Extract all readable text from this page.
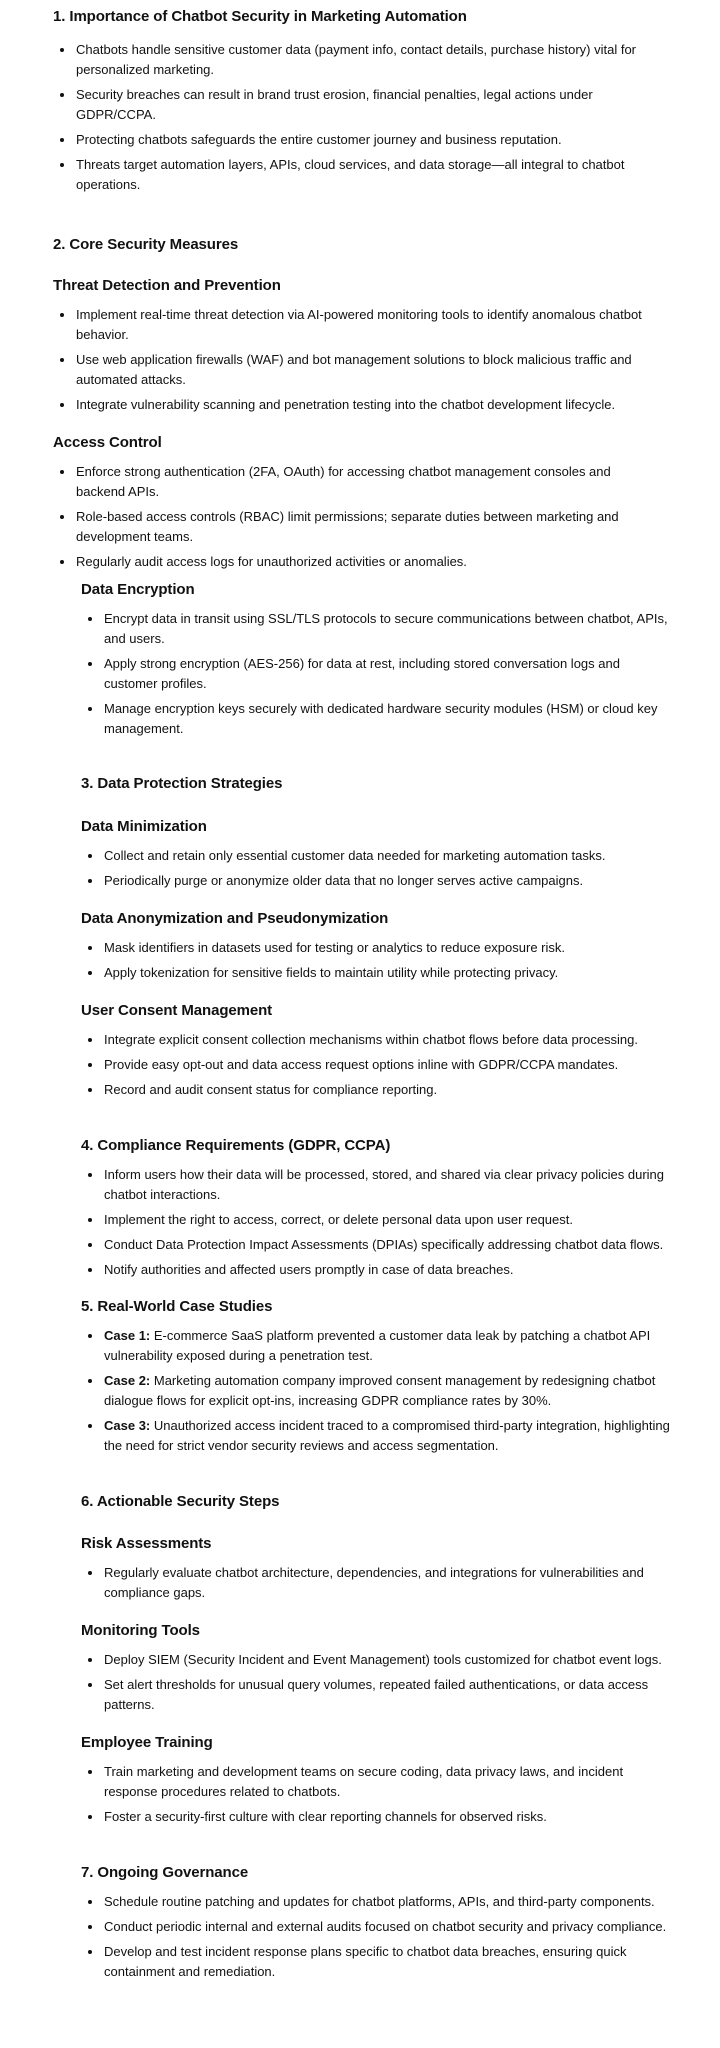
1. Importance of Chatbot Security in Marketing Automation
Chatbots handle sensitive customer data (payment info, contact details, purchase history) vital for personalized marketing.
Security breaches can result in brand trust erosion, financial penalties, legal actions under GDPR/CCPA.
Protecting chatbots safeguards the entire customer journey and business reputation.
Threats target automation layers, APIs, cloud services, and data storage—all integral to chatbot operations.
2. Core Security Measures
Threat Detection and Prevention
Implement real-time threat detection via AI-powered monitoring tools to identify anomalous chatbot behavior.
Use web application firewalls (WAF) and bot management solutions to block malicious traffic and automated attacks.
Integrate vulnerability scanning and penetration testing into the chatbot development lifecycle.
Access Control
Enforce strong authentication (2FA, OAuth) for accessing chatbot management consoles and backend APIs.
Role-based access controls (RBAC) limit permissions; separate duties between marketing and development teams.
Regularly audit access logs for unauthorized activities or anomalies.
Data Encryption
Encrypt data in transit using SSL/TLS protocols to secure communications between chatbot, APIs, and users.
Apply strong encryption (AES-256) for data at rest, including stored conversation logs and customer profiles.
Manage encryption keys securely with dedicated hardware security modules (HSM) or cloud key management.
3. Data Protection Strategies
Data Minimization
Collect and retain only essential customer data needed for marketing automation tasks.
Periodically purge or anonymize older data that no longer serves active campaigns.
Data Anonymization and Pseudonymization
Mask identifiers in datasets used for testing or analytics to reduce exposure risk.
Apply tokenization for sensitive fields to maintain utility while protecting privacy.
User Consent Management
Integrate explicit consent collection mechanisms within chatbot flows before data processing.
Provide easy opt-out and data access request options inline with GDPR/CCPA mandates.
Record and audit consent status for compliance reporting.
4. Compliance Requirements (GDPR, CCPA)
Inform users how their data will be processed, stored, and shared via clear privacy policies during chatbot interactions.
Implement the right to access, correct, or delete personal data upon user request.
Conduct Data Protection Impact Assessments (DPIAs) specifically addressing chatbot data flows.
Notify authorities and affected users promptly in case of data breaches.
5. Real-World Case Studies
Case 1: E-commerce SaaS platform prevented a customer data leak by patching a chatbot API vulnerability exposed during a penetration test.
Case 2: Marketing automation company improved consent management by redesigning chatbot dialogue flows for explicit opt-ins, increasing GDPR compliance rates by 30%.
Case 3: Unauthorized access incident traced to a compromised third-party integration, highlighting the need for strict vendor security reviews and access segmentation.
6. Actionable Security Steps
Risk Assessments
Regularly evaluate chatbot architecture, dependencies, and integrations for vulnerabilities and compliance gaps.
Monitoring Tools
Deploy SIEM (Security Incident and Event Management) tools customized for chatbot event logs.
Set alert thresholds for unusual query volumes, repeated failed authentications, or data access patterns.
Employee Training
Train marketing and development teams on secure coding, data privacy laws, and incident response procedures related to chatbots.
Foster a security-first culture with clear reporting channels for observed risks.
7. Ongoing Governance
Schedule routine patching and updates for chatbot platforms, APIs, and third-party components.
Conduct periodic internal and external audits focused on chatbot security and privacy compliance.
Develop and test incident response plans specific to chatbot data breaches, ensuring quick containment and remediation.
